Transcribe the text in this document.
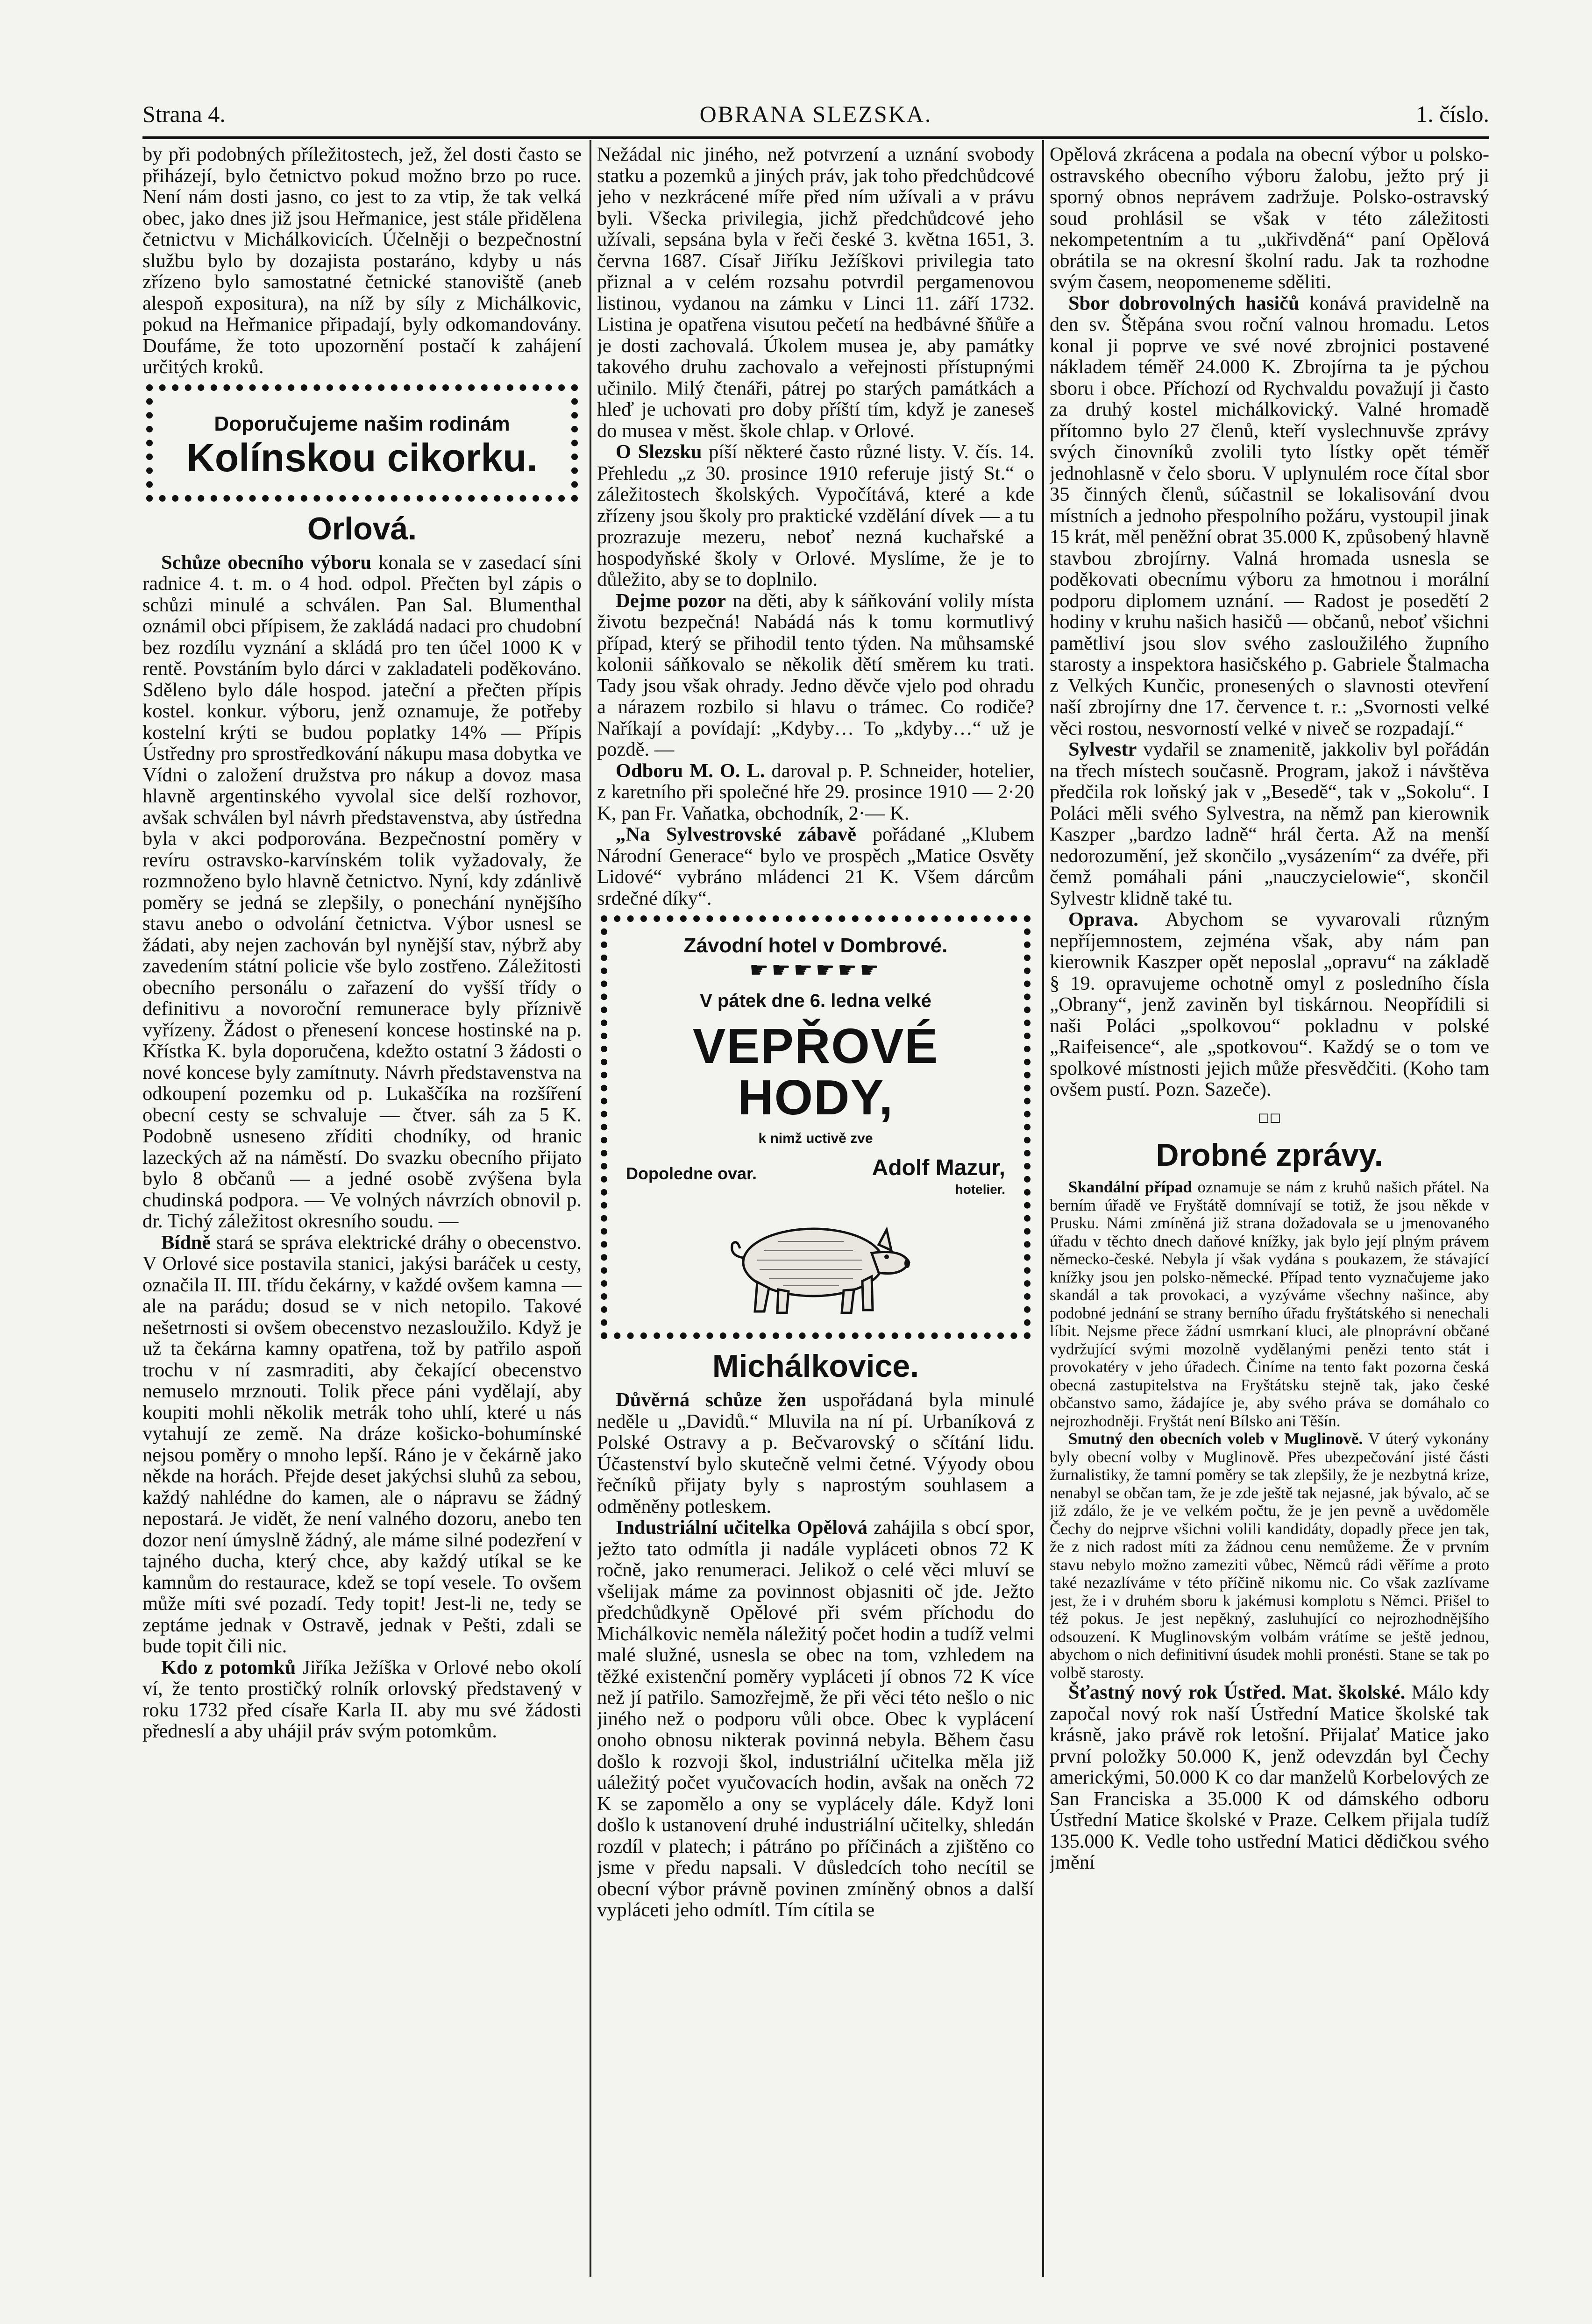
Strana 4.	OBRANA SLEZSKA.	1. číslo.

by při podobných příležitostech, jež, žel dosti často se přiházejí, bylo četnictvo pokud možno brzo po ruce. Není nám dosti jasno, co jest to za vtip, že tak velká obec, jako dnes již jsou Heřmanice, jest stále přidělena četnictvu v Michálkovicích. Účelněji o bezpečnostní službu bylo by dozajista postaráno, kdyby u nás zřízeno bylo samostatné četnické stanoviště (aneb alespoň expositura), na níž by síly z Michálkovic, pokud na Heřmanice připadají, byly odkomandovány. Doufáme, že toto upozornění postačí k zahájení určitých kroků.

Doporučujeme našim rodinám
Kolínskou cikorku.
Orlová.

Schůze obecního výboru konala se v zasedací síni radnice 4. t. m. o 4 hod. odpol. Přečten byl zápis o schůzi minulé a schválen. Pan Sal. Blumenthal oznámil obci přípisem, že zakládá nadaci pro chudobní bez rozdílu vyznání a skládá pro ten účel 1000 K v rentě. Povstáním bylo dárci v zakladateli poděkováno. Sděleno bylo dále hospod. jateční a přečten přípis kostel. konkur. výboru, jenž oznamuje, že potřeby kostelní krýti se budou poplatky 14% — Přípis Ústředny pro sprostředkování nákupu masa dobytka ve Vídni o založení družstva pro nákup a dovoz masa hlavně argentinského vyvolal sice delší rozhovor, avšak schválen byl návrh představenstva, aby ústředna byla v akci podporována. Bezpečnostní poměry v revíru ostravsko-karvínském tolik vyžadovaly, že rozmnoženo bylo hlavně četnictvo. Nyní, kdy zdánlivě poměry se jedná se zlepšily, o ponechání nynějšího stavu anebo o odvolání četnictva. Výbor usnesl se žádati, aby nejen zachován byl nynější stav, nýbrž aby zavedením státní policie vše bylo zostřeno. Záležitosti obecního personálu o zařazení do vyšší třídy o definitivu a novoroční remunerace byly příznivě vyřízeny. Žádost o přenesení koncese hostinské na p. Křístka K. byla doporučena, kdežto ostatní 3 žádosti o nové koncese byly zamítnuty. Návrh představenstva na odkoupení pozemku od p. Lukaščíka na rozšíření obecní cesty se schvaluje — čtver. sáh za 5 K. Podobně usneseno zříditi chodníky, od hranic lazeckých až na náměstí. Do svazku obecního přijato bylo 8 občanů — a jedné osobě zvýšena byla chudinská podpora. — Ve volných návrzích obnovil p. dr. Tichý záležitost okresního soudu. —

Bídně stará se správa elektrické dráhy o obecenstvo. V Orlové sice postavila stanici, jakýsi baráček u cesty, označila II. III. třídu čekárny, v každé ovšem kamna — ale na parádu; dosud se v nich netopilo. Takové nešetrnosti si ovšem obecenstvo nezasloužilo. Když je už ta čekárna kamny opatřena, tož by patřilo aspoň trochu v ní zasmraditi, aby čekající obecenstvo nemuselo mrznouti. Tolik přece páni vydělají, aby koupiti mohli několik metrák toho uhlí, které u nás vytahují ze země. Na dráze košicko-bohumínské nejsou poměry o mnoho lepší. Ráno je v čekárně jako někde na horách. Přejde deset jakýchsi sluhů za sebou, každý nahlédne do kamen, ale o nápravu se žádný nepostará. Je vidět, že není valného dozoru, anebo ten dozor není úmyslně žádný, ale máme silné podezření v tajného ducha, který chce, aby každý utíkal se ke kamnům do restaurace, kdež se topí vesele. To ovšem může míti své pozadí. Tedy topit! Jest-li ne, tedy se zeptáme jednak v Ostravě, jednak v Pešti, zdali se bude topit čili nic.

Kdo z potomků Jiříka Ježíška v Orlové nebo okolí ví, že tento prostičký rolník orlovský představený v roku 1732 před císaře Karla II. aby mu své žádosti předneslí a aby uhájil práv svým potomkům.

Nežádal nic jiného, než potvrzení a uznání svobody statku a pozemků a jiných práv, jak toho předchůdcové jeho v nezkrácené míře před ním užívali a v právu byli. Všecka privilegia, jichž předchůdcové jeho užívali, sepsána byla v řeči české 3. května 1651, 3. června 1687. Císař Jiříku Ježíškovi privilegia tato přiznal a v celém rozsahu potvrdil pergamenovou listinou, vydanou na zámku v Linci 11. září 1732. Listina je opatřena visutou pečetí na hedbávné šňůře a je dosti zachovalá. Úkolem musea je, aby památky takového druhu zachovalo a veřejnosti přístupnými učinilo. Milý čtenáři, pátrej po starých památkách a hleď je uchovati pro doby příští tím, když je zaneseš do musea v měst. škole chlap. v Orlové.

O Slezsku píší některé často různé listy. V. čís. 14. Přehledu „z 30. prosince 1910 referuje jistý St.“ o záležitostech školských. Vypočítává, které a kde zřízeny jsou školy pro praktické vzdělání dívek — a tu prozrazuje mezeru, neboť nezná kuchařské a hospodyňské školy v Orlové. Myslíme, že je to důležito, aby se to doplnilo.

Dejme pozor na děti, aby k sáňkování volily místa životu bezpečná! Nabádá nás k tomu kormutlivý případ, který se přihodil tento týden. Na můhsamské kolonii sáňkovalo se několik dětí směrem ku trati. Tady jsou však ohrady. Jedno děvče vjelo pod ohradu a nárazem rozbilo si hlavu o trámec. Co rodiče? Naříkají a povídají: „Kdyby… To „kdyby…“ už je pozdě. —

Odboru M. O. L. daroval p. P. Schneider, hotelier, z karetního při společné hře 29. prosince 1910 — 2·20 K, pan Fr. Vaňatka, obchodník, 2·— K.

„Na Sylvestrovské zábavě pořádané „Klubem Národní Generace“ bylo ve prospěch „Matice Osvěty Lidové“ vybráno mládenci 21 K. Všem dárcům srdečné díky“.

Závodní hotel v Dombrové.
☛☛☛☛☛☛
V pátek dne 6. ledna velké
VEPŘOVÉ HODY,
k nimž uctivě zve
Dopoledne ovar.	Adolf Mazur,
hotelier.
Michálkovice.

Důvěrná schůze žen uspořádaná byla minulé neděle u „Davidů.“ Mluvila na ní pí. Urbaníková z Polské Ostravy a p. Bečvarovský o sčítání lidu. Účastenství bylo skutečně velmi četné. Výyody obou řečníků přijaty byly s naprostým souhlasem a odměněny potleskem.

Industriální učitelka Opělová zahájila s obcí spor, ježto tato odmítla ji nadále vypláceti obnos 72 K ročně, jako renumeraci. Jelikož o celé věci mluví se všelijak máme za povinnost objasniti oč jde. Ježto předchůdkyně Opělové při svém příchodu do Michálkovic neměla náležitý počet hodin a tudíž velmi malé služné, usnesla se obec na tom, vzhledem na těžké existenční poměry vypláceti jí obnos 72 K více než jí patřilo. Samozřejmě, že při věci této nešlo o nic jiného než o podporu vůli obce. Obec k vyplácení onoho obnosu nikterak povinná nebyla. Během času došlo k rozvoji škol, industriální učitelka měla již uáležitý počet vyučovacích hodin, avšak na oněch 72 K se zapomělo a ony se vyplácely dále. Když loni došlo k ustanovení druhé industriální učitelky, shledán rozdíl v platech; i pátráno po příčinách a zjištěno co jsme v předu napsali. V důsledcích toho necítil se obecní výbor právně povinen zmíněný obnos a další vypláceti jeho odmítl. Tím cítila se

Opělová zkrácena a podala na obecní výbor u polsko-ostravského obecního výboru žalobu, ježto prý ji sporný obnos neprávem zadržuje. Polsko-ostravský soud prohlásil se však v této záležitosti nekompetentním a tu „ukřivděná“ paní Opělová obrátila se na okresní školní radu. Jak ta rozhodne svým časem, neopomeneme sděliti.

Sbor dobrovolných hasičů konává pravidelně na den sv. Štěpána svou roční valnou hromadu. Letos konal ji poprve ve své nové zbrojnici postavené nákladem téměř 24.000 K. Zbrojírna ta je pýchou sboru i obce. Příchozí od Rychvaldu považují ji často za druhý kostel michálkovický. Valné hromadě přítomno bylo 27 členů, kteří vyslechnuvše zprávy svých činovníků zvolili tyto lístky opět téměř jednohlasně v čelo sboru. V uplynulém roce čítal sbor 35 činných členů, súčastnil se lokalisování dvou místních a jednoho přespolního požáru, vystoupil jinak 15 krát, měl peněžní obrat 35.000 K, způsobený hlavně stavbou zbrojírny. Valná hromada usnesla se poděkovati obecnímu výboru za hmotnou i morální podporu diplomem uznání. — Radost je posedětí 2 hodiny v kruhu našich hasičů — občanů, neboť všichni pamětliví jsou slov svého zasloužilého župního starosty a inspektora hasičského p. Gabriele Štalmacha z Velkých Kunčic, pronesených o slavnosti otevření naší zbrojírny dne 17. července t. r.: „Svornosti velké věci rostou, nesvorností velké v niveč se rozpadají.“

Sylvestr vydařil se znamenitě, jakkoliv byl pořádán na třech místech současně. Program, jakož i návštěva předčila rok loňský jak v „Besedě“, tak v „Sokolu“. I Poláci měli svého Sylvestra, na němž pan kierownik Kaszper „bardzo ladně“ hrál čerta. Až na menší nedorozumění, jež skončilo „vysázením“ za dvéře, při čemž pomáhali páni „nauczycielowie“, skončil Sylvestr klidně také tu.

Oprava. Abychom se vyvarovali různým nepříjemnostem, zejména však, aby nám pan kierownik Kaszper opět neposlal „opravu“ na základě § 19. opravujeme ochotně omyl z posledního čísla „Obrany“, jenž zaviněn byl tiskárnou. Neopřídili si naši Poláci „spolkovou“ pokladnu v polské „Raifeisence“, ale „spotkovou“. Každý se o tom ve spolkové místnosti jejich může přesvědčiti. (Koho tam ovšem pustí. Pozn. Sazeče).

◻◻
Drobné zprávy.

Skandální případ oznamuje se nám z kruhů našich přátel. Na berním úřadě ve Fryštátě domnívají se totiž, že jsou někde v Prusku. Námi zmíněná již strana dožadovala se u jmenovaného úřadu v těchto dnech daňové knížky, jak bylo její plným právem německo-české. Nebyla jí však vydána s poukazem, že stávající knížky jsou jen polsko-německé. Případ tento vyznačujeme jako skandál a tak provokaci, a vyzýváme všechny našince, aby podobné jednání se strany berního úřadu fryštátského si nenechali líbit. Nejsme přece žádní usmrkaní kluci, ale plnoprávní občané vydržující svými mozolně vydělanými penězi tento stát i provokatéry v jeho úřadech. Činíme na tento fakt pozorna česká obecná zastupitelstva na Fryštátsku stejně tak, jako české občanstvo samo, žádajíce je, aby svého práva se domáhalo co nejrozhodněji. Fryštát není Bílsko ani Těšín.

Smutný den obecních voleb v Muglinově. V úterý vykonány byly obecní volby v Muglinově. Přes ubezpečování jisté části žurnalistiky, že tamní poměry se tak zlepšily, že je nezbytná krize, nenabyl se občan tam, že je zde ještě tak nejasné, jak bývalo, ač se již zdálo, že je ve velkém počtu, že je jen pevně a uvědoměle Čechy do nejprve všichni volili kandidáty, dopadly přece jen tak, že z nich radost míti za žádnou cenu nemůžeme. Že v prvním stavu nebylo možno zameziti vůbec, Němců rádi věříme a proto také nezazlíváme v této příčině nikomu nic. Co však zazlívame jest, že i v druhém sboru k jakémusi komplotu s Němci. Přišel to též pokus. Je jest nepěkný, zasluhující co nejrozhodnějšího odsouzení. K Muglinovským volbám vrátíme se ještě jednou, abychom o nich definitivní úsudek mohli pronésti. Stane se tak po volbě starosty.

Šťastný nový rok Ústřed. Mat. školské. Málo kdy započal nový rok naší Ústřední Matice školské tak krásně, jako právě rok letošní. Přijalať Matice jako první položky 50.000 K, jenž odevzdán byl Čechy americkými, 50.000 K co dar manželů Korbelových ze San Franciska a 35.000 K od dámského odboru Ústřední Matice školské v Praze. Celkem přijala tudíž 135.000 K. Vedle toho ustřední Matici dědičkou svého jmění
